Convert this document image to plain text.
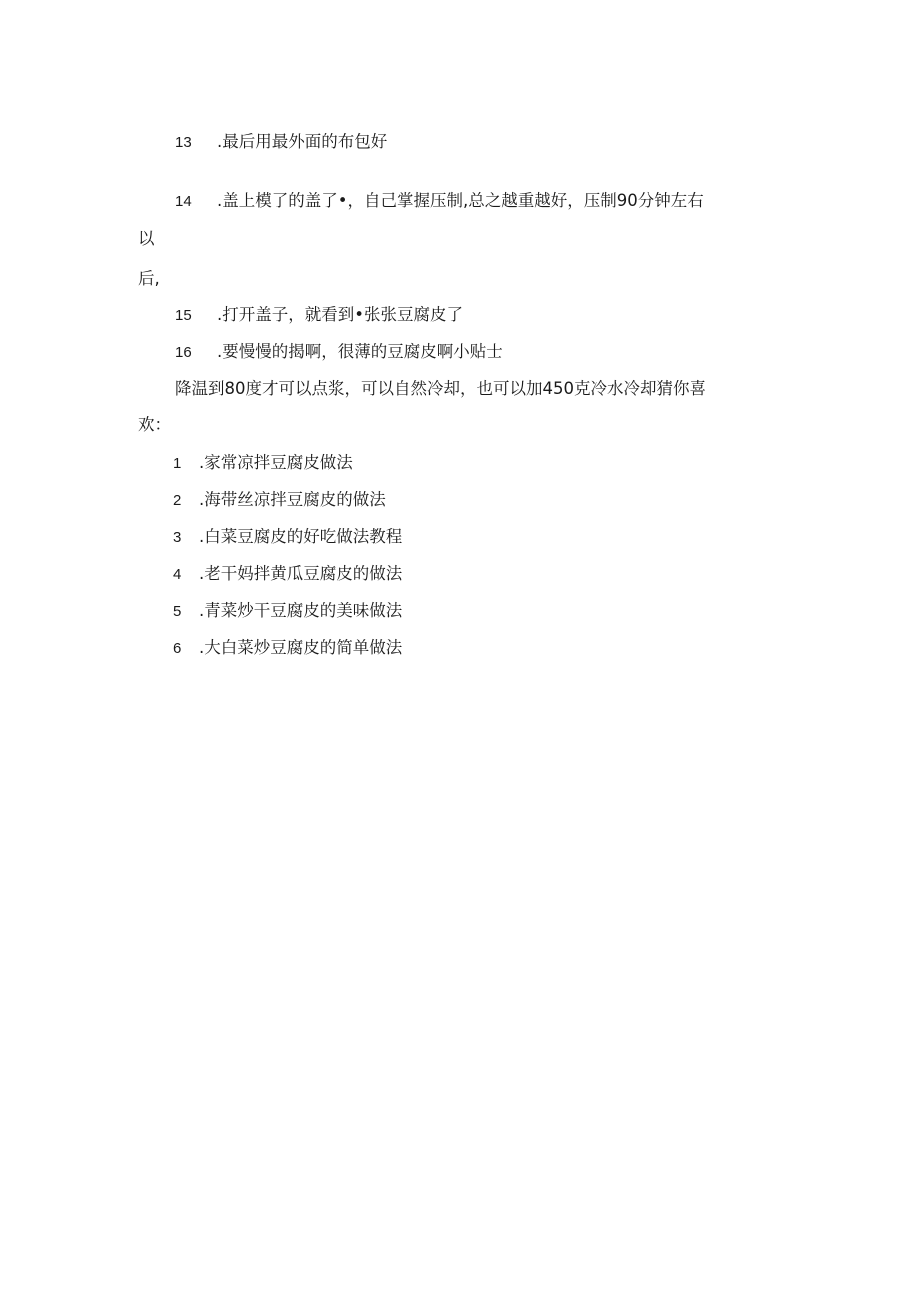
13 .最后用最外面的布包好
14 .盖上模了的盖了•，自己掌握压制,总之越重越好，压制90分钟左右
以
后,
15 .打开盖子，就看到•张张豆腐皮了
16 .要慢慢的揭啊，很薄的豆腐皮啊小贴士
降温到80度才可以点浆，可以自然冷却，也可以加450克冷水冷却猜你喜
欢：
1 .家常凉拌豆腐皮做法
2 .海带丝凉拌豆腐皮的做法
3 .白菜豆腐皮的好吃做法教程
4 .老干妈拌黄瓜豆腐皮的做法
5 .青菜炒干豆腐皮的美味做法
6 .大白菜炒豆腐皮的简单做法
